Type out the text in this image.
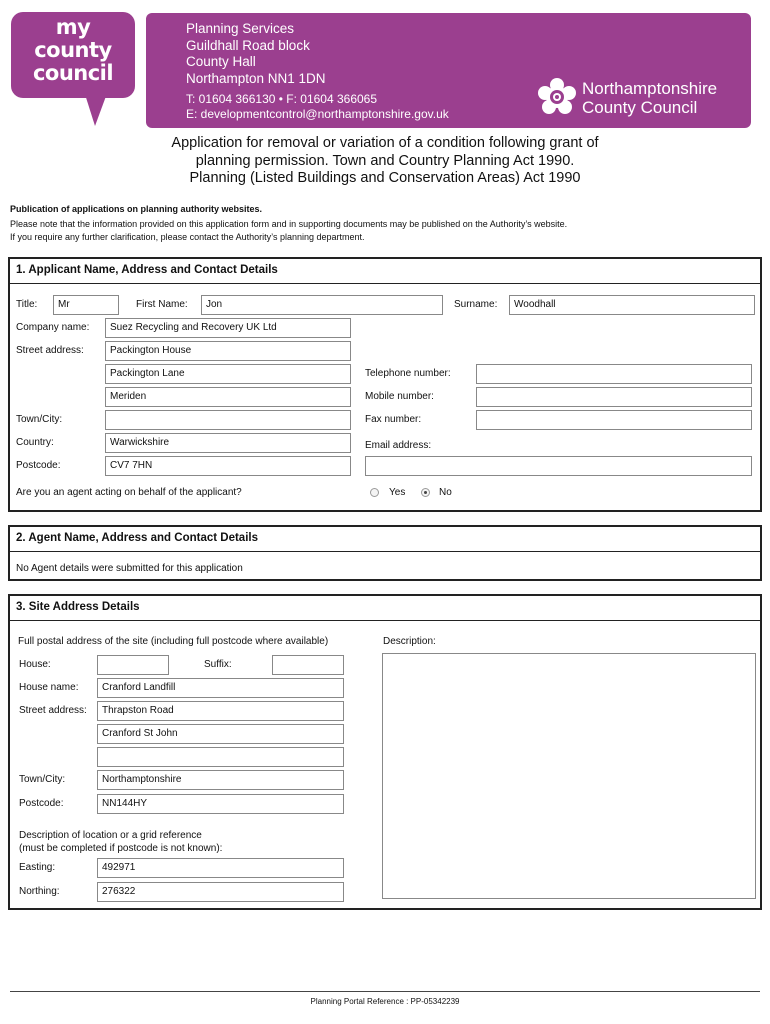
my
county
council
Planning Services
Guildhall Road block
County Hall
Northampton NN1 1DN
T: 01604 366130 • F: 01604 366065
E: developmentcontrol@northamptonshire.gov.uk
Northamptonshire
County Council
Application for removal or variation of a condition following grant of
planning permission. Town and Country Planning Act 1990.
Planning (Listed Buildings and Conservation Areas) Act 1990
Publication of applications on planning authority websites.
Please note that the information provided on this application form and in supporting documents may be published on the Authority’s website.
If you require any further clarification, please contact the Authority’s planning department.
1. Applicant Name, Address and Contact Details
Title:	Mr	First Name:	Jon	Surname:	Woodhall
Company name:	Suez Recycling and Recovery UK Ltd
Street address:	Packington House
Packington Lane
Meriden
Town/City:
Country:	Warwickshire
Postcode:	CV7 7HN
Telephone number:
Mobile number:
Fax number:
Email address:
Are you an agent acting on behalf of the applicant?	Yes	No
2. Agent Name, Address and Contact Details
No Agent details were submitted for this application
3. Site Address Details
Full postal address of the site (including full postcode where available)	Description:
House:	Suffix:
House name:	Cranford Landfill
Street address:	Thrapston Road
Cranford St John
Town/City:	Northamptonshire
Postcode:	NN144HY
Description of location or a grid reference
(must be completed if postcode is not known):
Easting:	492971
Northing:	276322
Planning Portal Reference : PP-05342239
